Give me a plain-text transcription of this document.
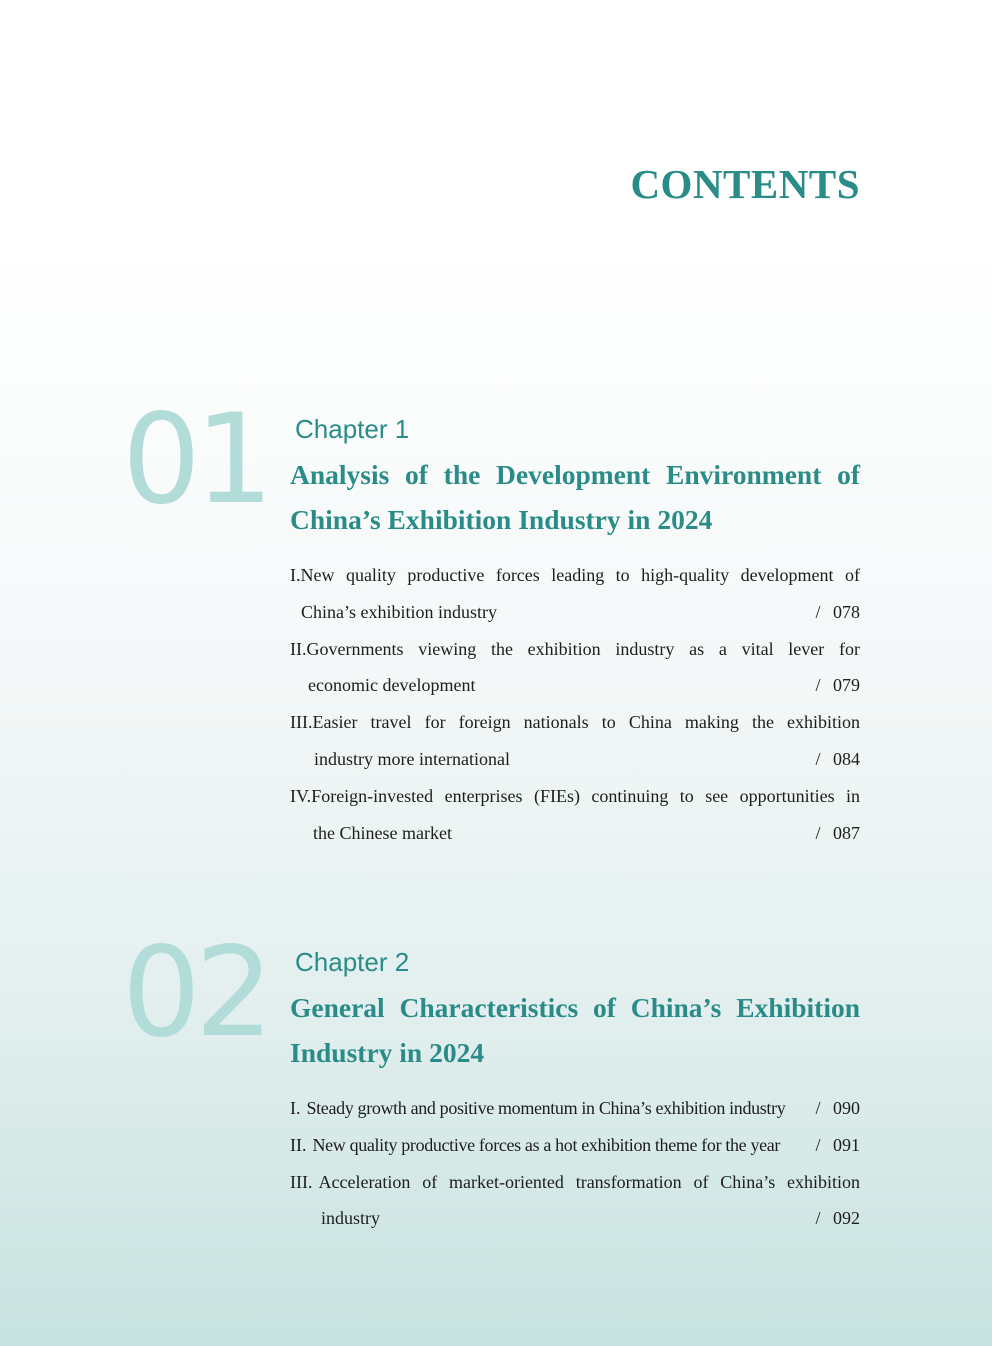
CONTENTS
01 Chapter 1
Analysis of the Development Environment of China’s Exhibition Industry in 2024
I. New quality productive forces leading to high-quality development of
China’s exhibition industry	/ 078
II. Governments viewing the exhibition industry as a vital lever for
economic development	/ 079
III. Easier travel for foreign nationals to China making the exhibition
industry more international	/ 084
IV. Foreign-invested enterprises (FIEs) continuing to see opportunities in
the Chinese market	/ 087
02 Chapter 2
General Characteristics of China’s Exhibition Industry in 2024
I. Steady growth and positive momentum in China’s exhibition industry	/ 090
II. New quality productive forces as a hot exhibition theme for the year	/ 091
III. Acceleration of market-oriented transformation of China’s exhibition
industry	/ 092
